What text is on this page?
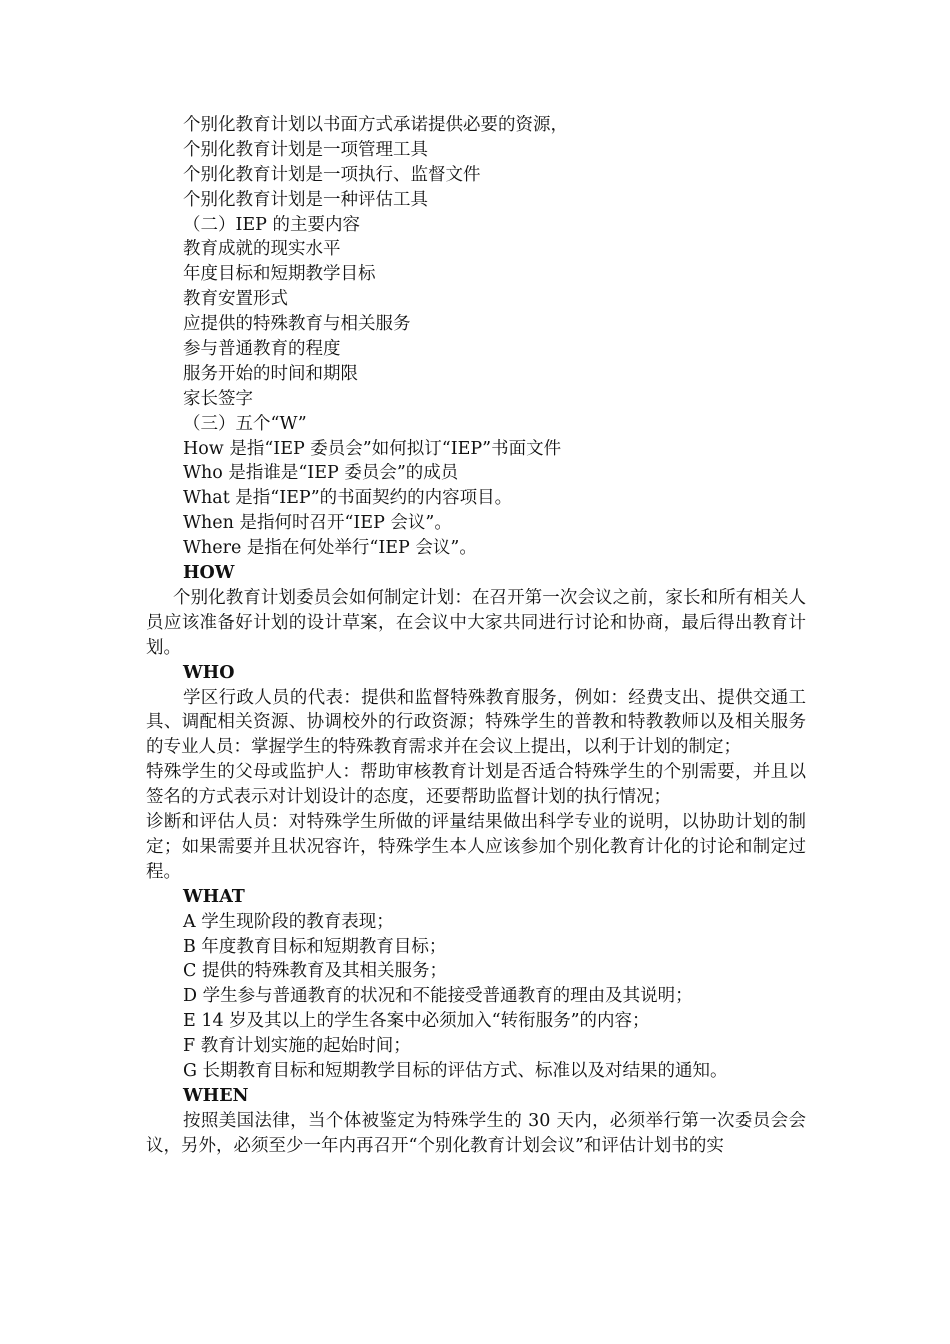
个别化教育计划以书面方式承诺提供必要的资源，

个别化教育计划是一项管理工具

个别化教育计划是一项执行、监督文件

个别化教育计划是一种评估工具

（二）IEP 的主要内容

教育成就的现实水平

年度目标和短期教学目标

教育安置形式

应提供的特殊教育与相关服务

参与普通教育的程度

服务开始的时间和期限

家长签字

（三）五个“W”

How 是指“IEP 委员会”如何拟订“IEP”书面文件

Who 是指谁是“IEP 委员会”的成员

What 是指“IEP”的书面契约的内容项目。

When 是指何时召开“IEP 会议”。

Where 是指在何处举行“IEP 会议”。

HOW

个别化教育计划委员会如何制定计划：在召开第一次会议之前，家长和所有相关人员应该准备好计划的设计草案，在会议中大家共同进行讨论和协商，最后得出教育计划。

WHO

学区行政人员的代表：提供和监督特殊教育服务，例如：经费支出、提供交通工具、调配相关资源、协调校外的行政资源；特殊学生的普教和特教教师以及相关服务的专业人员：掌握学生的特殊教育需求并在会议上提出，以利于计划的制定；

特殊学生的父母或监护人：帮助审核教育计划是否适合特殊学生的个别需要，并且以签名的方式表示对计划设计的态度，还要帮助监督计划的执行情况；

诊断和评估人员：对特殊学生所做的评量结果做出科学专业的说明，以协助计划的制定；如果需要并且状况容许，特殊学生本人应该参加个别化教育计化的讨论和制定过程。

WHAT

A 学生现阶段的教育表现；

B 年度教育目标和短期教育目标；

C 提供的特殊教育及其相关服务；

D 学生参与普通教育的状况和不能接受普通教育的理由及其说明；

E 14 岁及其以上的学生各案中必须加入“转衔服务”的内容；

F 教育计划实施的起始时间；

G 长期教育目标和短期教学目标的评估方式、标准以及对结果的通知。

WHEN

按照美国法律，当个体被鉴定为特殊学生的 30 天内，必须举行第一次委员会会议，另外，必须至少一年内再召开“个别化教育计划会议”和评估计划书的实
